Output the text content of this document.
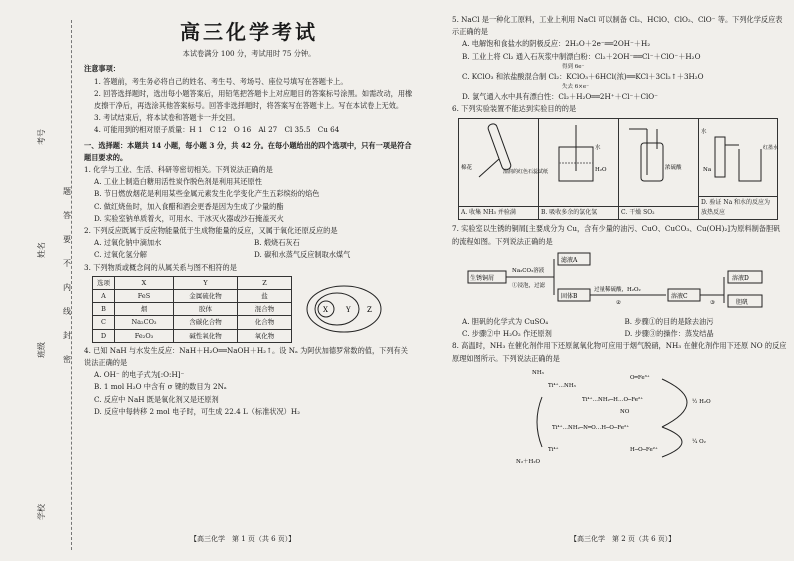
学校
班级
姓名
考号
题
答
要
不
内
线
封
密
高三化学考试

本试卷满分 100 分，考试用时 75 分钟。

注意事项：

1. 答题前，考生务必将自己的姓名、考生号、考场号、座位号填写在答题卡上。

2. 回答选择题时，选出每小题答案后，用铅笔把答题卡上对应题目的答案标号涂黑。如需改动，用橡皮擦干净后，再选涂其他答案标号。回答非选择题时，将答案写在答题卡上。写在本试卷上无效。

3. 考试结束后，将本试卷和答题卡一并交回。

4. 可能用到的相对原子质量：H 1　C 12　O 16　Al 27　Cl 35.5　Cu 64

一、选择题：本题共 14 小题，每小题 3 分，共 42 分。在每小题给出的四个选项中，只有一项是符合题目要求的。

1. 化学与工业、生活、科研等密切相关。下列说法正确的是

A. 工业上制造白糖用活性炭作脱色剂是利用其还原性

B. 节日燃放烟花是利用某些金属元素发生化学变化产生五彩缤纷的焰色

C. 做红烧鱼时，加入食醋和酒会更香是因为生成了少量的酯

D. 实验室钠单质着火，可用水、干冰灭火器或沙石掩盖灭火

2. 下列反应既属于反应物能量低于生成物能量的反应，又属于氧化还原反应的是

A. 过氧化钠中滴加水	B. 煅烧石灰石
C. 过氧化氢分解	D. 碳和水蒸气反应制取水煤气

3. 下列物质或概念间的从属关系与图不相符的是

选项	X	Y	Z
A	FeS	金属硫化物	盐
B	烟	胶体	混合物
C	Na₂CO₃	含碳化合物	化合物
D	Fe₂O₃	碱性氧化物	氧化物
X	Y Z

4. 已知 NaH 与水发生反应：NaH＋H₂O══NaOH＋H₂↑。设 Nₐ 为阿伏加德罗常数的值，下列有关说法正确的是

A. OH⁻ 的电子式为[:O:H]⁻

B. 1 mol H₂O 中含有 σ 键的数目为 2Nₐ

C. 反应中 NaH 既是氧化剂又是还原剂

D. 反应中每转移 2 mol 电子时，可生成 22.4 L（标准状况）H₂

【高三化学　第 1 页（共 6 页）】

5. NaCl 是一种化工原料，工业上利用 NaCl 可以制备 Cl₂、HClO、ClO₂、ClO⁻ 等。下列化学反应表示正确的是

A. 电解饱和食盐水的阴极反应：2H₂O＋2e⁻══2OH⁻＋H₂

B. 工业上将 Cl₂ 通入石灰浆中制漂白粉：Cl₂＋2OH⁻══Cl⁻＋ClO⁻＋H₂O

得到 6e⁻

C. KClO₃ 和浓盐酸混合制 Cl₂：KClO₃＋6HCl(浓)══KCl＋3Cl₂↑＋3H₂O

失去 6×e⁻

D. 氯气通入水中具有漂白性：Cl₂＋H₂O══2H⁺＋Cl⁻＋ClO⁻

6. 下列实验装置不能达到实验目的的是

棉花
湿润的红色石蕊试纸
A. 收集 NH₃ 并验满
水
H₂O
B. 吸收多余的氯化氢
浓硫酸
C. 干燥 SO₂
水
Na
红墨水
D. 验证 Na 和水的反应为放热反应

7. 实验室以生锈的铜屑[主要成分为 Cu，含有少量的油污、CuO、CuCO₃、Cu(OH)₂]为原料制备胆矾的流程如图。下列说法正确的是

生锈铜屑
Na₂CO₃溶液
①浸泡，过滤
滤液A
固体B
过量稀硫酸，H₂O₂
②
溶液C
③
溶液D
胆矾
A. 胆矾的化学式为 CuSO₄	B. 步骤①的目的是除去油污
C. 步骤②中 H₂O₂ 作还原剂	D. 步骤③的操作：蒸发结晶

8. 高温时，NH₃ 在催化剂作用下还原氮氧化物可应用于烟气脱硝，NH₃ 在催化剂作用下还原 NO 的反应原理如图所示。下列说法正确的是

NH₃
Ti⁴⁺…NH₃
O═Fe³⁺
Ti⁴⁺…NH₂─H…O─Fe²⁺
NO
Ti⁴⁺…NH₂─N═O…H─O─Fe²⁺
Ti⁴⁺	H─O─Fe²⁺
N₂＋H₂O
½ H₂O
¼ O₂
【高三化学　第 2 页（共 6 页）】
